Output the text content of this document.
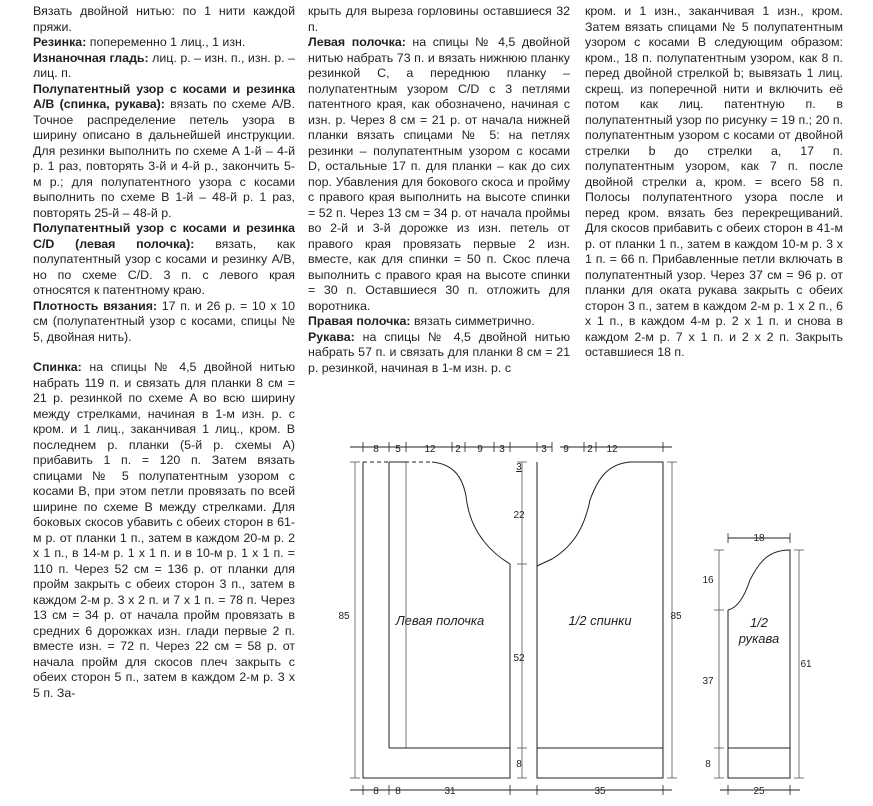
Вязать двойной нитью: по 1 нити каждой пряжи.

Резинка: попеременно 1 лиц., 1 изн.

Изнаночная гладь: лиц. р. – изн. п., изн. р. – лиц. п.

Полупатентный узор с косами и резинка A/B (спинка, рукава): вязать по схеме A/B. Точное распределение петель узора в ширину описано в дальнейшей инструкции. Для резинки выполнить по схеме A 1-й – 4-й р. 1 раз, повторять 3-й и 4-й р., закончить 5-м р.; для полупатентного узора с косами выполнить по схеме B 1-й – 48-й р. 1 раз, повторять 25-й – 48-й р.

Полупатентный узор с косами и резинка C/D (левая полочка): вязать, как полупатентный узор с косами и резинку A/B, но по схеме C/D. 3 п. с левого края относятся к патентному краю.

Плотность вязания: 17 п. и 26 р. = 10 х 10 см (полупатентный узор с косами, спицы № 5, двойная нить).

Спинка: на спицы № 4,5 двойной нитью набрать 119 п. и связать для планки 8 см = 21 р. резинкой по схеме A во всю ширину между стрелками, начиная в 1-м изн. р. с кром. и 1 лиц., заканчивая 1 лиц., кром. В последнем р. планки (5-й р. схемы A) прибавить 1 п. = 120 п. Затем вязать спицами № 5 полупатентным узором с косами B, при этом петли провязать по всей ширине по схеме B между стрелками. Для боковых скосов убавить с обеих сторон в 61-м р. от планки 1 п., затем в каждом 20-м р. 2 х 1 п., в 14-м р. 1 х 1 п. и в 10-м р. 1 х 1 п. = 110 п. Через 52 см = 136 р. от планки для пройм закрыть с обеих сторон 3 п., затем в каждом 2-м р. 3 х 2 п. и 7 х 1 п. = 78 п. Через 13 см = 34 р. от начала пройм провязать в средних 6 дорожках изн. глади первые 2 п. вместе изн. = 72 п. Через 22 см = 58 р. от начала пройм для скосов плеч закрыть с обеих сторон 5 п., затем в каждом 2-м р. 3 х 5 п. За-

крыть для выреза горловины оставшиеся 32 п.

Левая полочка: на спицы № 4,5 двойной нитью набрать 73 п. и вязать нижнюю планку резинкой C, а переднюю планку – полупатентным узором C/D с 3 петлями патентного края, как обозначено, начиная с изн. р. Через 8 см = 21 р. от начала нижней планки вязать спицами № 5: на петлях резинки – полупатентным узором с косами D, остальные 17 п. для планки – как до сих пор. Убавления для бокового скоса и пройму с правого края выполнить на высоте спинки = 52 п. Через 13 см = 34 р. от начала проймы во 2-й и 3-й дорожке из изн. петель от правого края провязать первые 2 изн. вместе, как для спинки = 50 п. Скос плеча выполнить с правого края на высоте спинки = 30 п. Оставшиеся 30 п. отложить для воротника.

Правая полочка: вязать симметрично.

Рукава: на спицы № 4,5 двойной нитью набрать 57 п. и связать для планки 8 см = 21 р. резинкой, начиная в 1-м изн. р. с

кром. и 1 изн., заканчивая 1 изн., кром. Затем вязать спицами № 5 полупатентным узором с косами B следующим образом: кром., 18 п. полупатентным узором, как 8 п. перед двойной стрелкой b; вывязать 1 лиц. скрещ. из поперечной нити и включить её потом как лиц. патентную п. в полупатентный узор по рисунку = 19 п.; 20 п. полупатентным узором с косами от двойной стрелки b до стрелки a, 17 п. полупатентным узором, как 7 п. после двойной стрелки a, кром. = всего 58 п. Полосы полупатентного узора после и перед кром. вязать без перекрещиваний. Для скосов прибавить с обеих сторон в 41-м р. от планки 1 п., затем в каждом 10-м р. 3 х 1 п. = 66 п. Прибавленные петли включать в полупатентный узор. Через 37 см = 96 р. от планки для оката рукава закрыть с обеих сторон 3 п., затем в каждом 2-м р. 1 х 2 п., 6 х 1 п., в каждом 4-м р. 2 х 1 п. и снова в каждом 2-м р. 7 х 1 п. и 2 х 2 п. Закрыть оставшиеся 18 п.

8 5 12 2 9 3	3 9 2 12
3
22
52
8
85	85
8 8	31	35
18
16
37
8
61
25
Левая полочка	1/2 спинки	1/2
рукава
